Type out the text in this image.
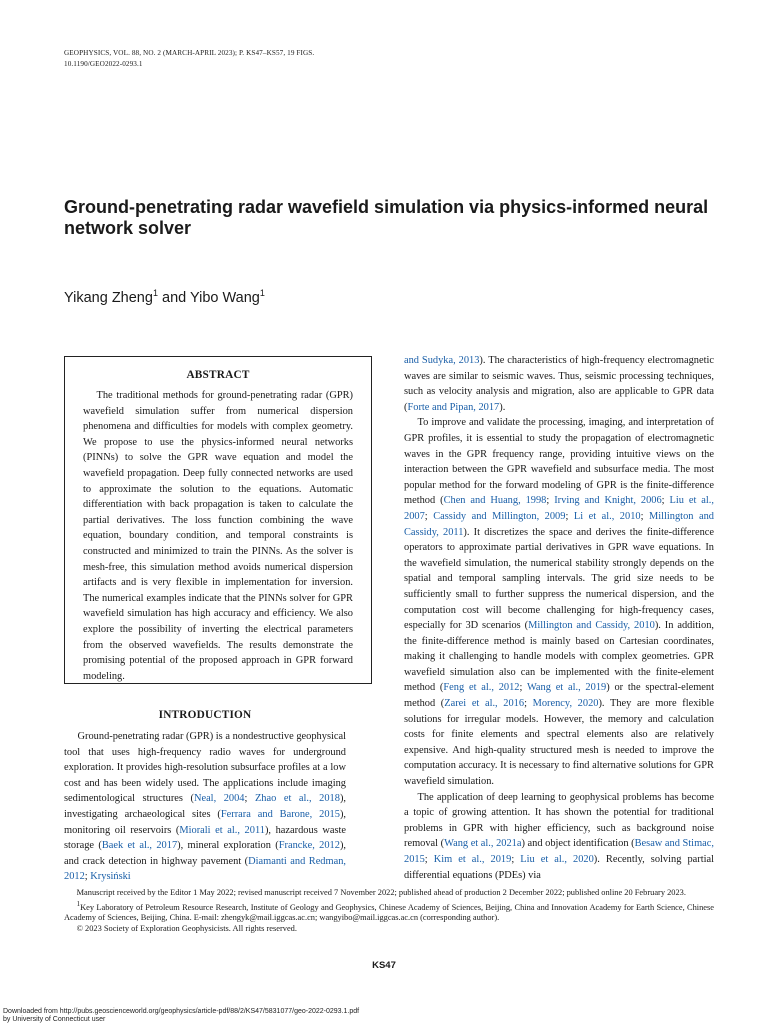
GEOPHYSICS, VOL. 88, NO. 2 (MARCH-APRIL 2023); P. KS47–KS57, 19 FIGS.
10.1190/GEO2022-0293.1
Ground-penetrating radar wavefield simulation via physics-informed neural network solver
Yikang Zheng$^1$ and Yibo Wang$^1$
ABSTRACT

The traditional methods for ground-penetrating radar (GPR) wavefield simulation suffer from numerical dispersion phenomena and difficulties for models with complex geometry. We propose to use the physics-informed neural networks (PINNs) to solve the GPR wave equation and model the wavefield propagation. Deep fully connected networks are used to approximate the solution to the equations. Automatic differentiation with back propagation is taken to calculate the partial derivatives. The loss function combining the wave equation, boundary condition, and temporal constraints is constructed and minimized to train the PINNs. As the solver is mesh-free, this simulation method avoids numerical dispersion artifacts and is very flexible in implementation for inversion. The numerical examples indicate that the PINNs solver for GPR wavefield simulation has high accuracy and efficiency. We also explore the possibility of inverting the electrical parameters from the observed wavefields. The results demonstrate the promising potential of the proposed approach in GPR forward modeling.

INTRODUCTION

Ground-penetrating radar (GPR) is a nondestructive geophysical tool that uses high-frequency radio waves for underground exploration. It provides high-resolution subsurface profiles at a low cost and has been widely used. The applications include imaging sedimentological structures (Neal, 2004; Zhao et al., 2018), investigating archaeological sites (Ferrara and Barone, 2015), monitoring oil reservoirs (Miorali et al., 2011), hazardous waste storage (Baek et al., 2017), mineral exploration (Francke, 2012), and crack detection in highway pavement (Diamanti and Redman, 2012; Krysiński

and Sudyka, 2013). The characteristics of high-frequency electromagnetic waves are similar to seismic waves. Thus, seismic processing techniques, such as velocity analysis and migration, also are applicable to GPR data (Forte and Pipan, 2017).

To improve and validate the processing, imaging, and interpretation of GPR profiles, it is essential to study the propagation of electromagnetic waves in the GPR frequency range, providing intuitive views on the interaction between the GPR wavefield and subsurface media. The most popular method for the forward modeling of GPR is the finite-difference method (Chen and Huang, 1998; Irving and Knight, 2006; Liu et al., 2007; Cassidy and Millington, 2009; Li et al., 2010; Millington and Cassidy, 2011). It discretizes the space and derives the finite-difference operators to approximate partial derivatives in GPR wave equations. In the wavefield simulation, the numerical stability strongly depends on the spatial and temporal sampling intervals. The grid size needs to be sufficiently small to further suppress the numerical dispersion, and the computation cost will become challenging for high-frequency cases, especially for 3D scenarios (Millington and Cassidy, 2010). In addition, the finite-difference method is mainly based on Cartesian coordinates, making it challenging to handle models with complex geometries. GPR wavefield simulation also can be implemented with the finite-element method (Feng et al., 2012; Wang et al., 2019) or the spectral-element method (Zarei et al., 2016; Morency, 2020). They are more flexible solutions for irregular models. However, the memory and calculation costs for finite elements and spectral elements also are relatively expensive. And high-quality structured mesh is needed to improve the computation accuracy. It is necessary to find alternative solutions for GPR wavefield simulation.

The application of deep learning to geophysical problems has become a topic of growing attention. It has shown the potential for traditional problems in GPR with higher efficiency, such as background noise removal (Wang et al., 2021a) and object identification (Besaw and Stimac, 2015; Kim et al., 2019; Liu et al., 2020). Recently, solving partial differential equations (PDEs) via

Manuscript received by the Editor 1 May 2022; revised manuscript received 7 November 2022; published ahead of production 2 December 2022; published online 20 February 2023.

$^1$Key Laboratory of Petroleum Resource Research, Institute of Geology and Geophysics, Chinese Academy of Sciences, Beijing, China and Innovation Academy for Earth Science, Chinese Academy of Sciences, Beijing, China. E-mail: zhengyk@mail.iggcas.ac.cn; wangyibo@mail.iggcas.ac.cn (corresponding author).

© 2023 Society of Exploration Geophysicists. All rights reserved.

KS47
Downloaded from http://pubs.geoscienceworld.org/geophysics/article-pdf/88/2/KS47/5831077/geo-2022-0293.1.pdf
by University of Connecticut user
